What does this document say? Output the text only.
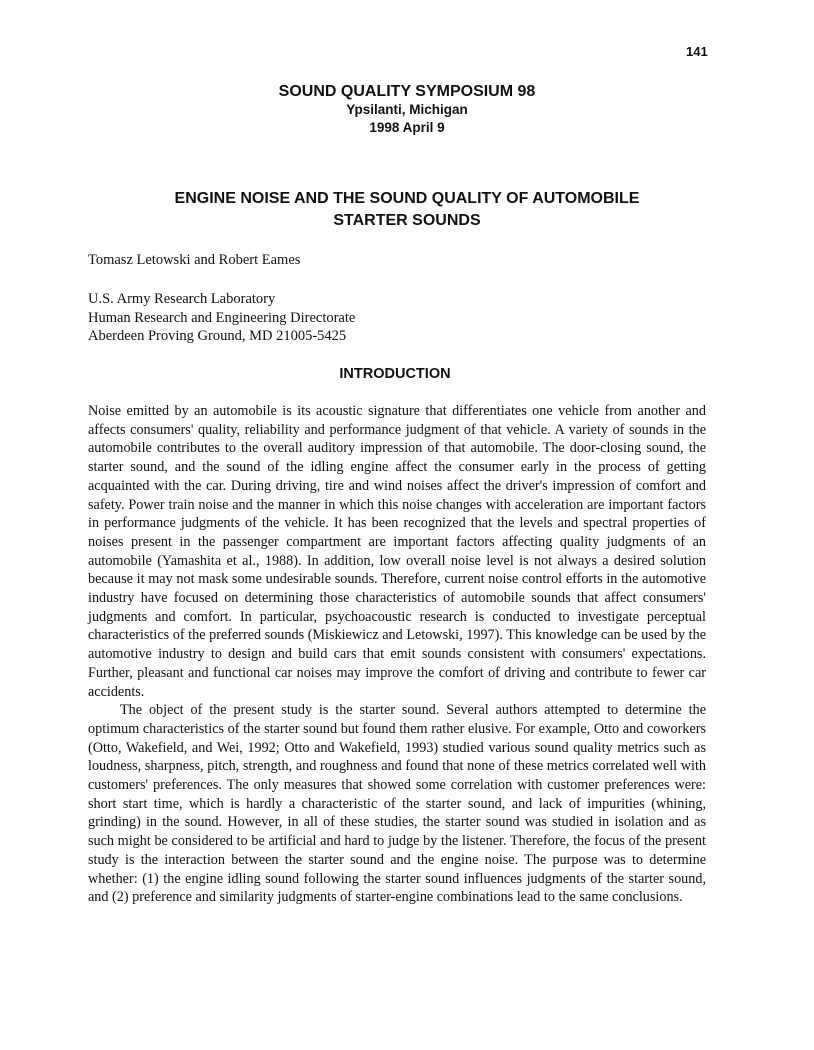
141
SOUND QUALITY SYMPOSIUM 98
Ypsilanti, Michigan
1998 April 9
ENGINE NOISE AND THE SOUND QUALITY OF AUTOMOBILE
STARTER SOUNDS
Tomasz Letowski and Robert Eames
U.S. Army Research Laboratory
Human Research and Engineering Directorate
Aberdeen Proving Ground, MD 21005-5425
INTRODUCTION

Noise emitted by an automobile is its acoustic signature that differentiates one vehicle from another and affects consumers' quality, reliability and performance judgment of that vehicle. A variety of sounds in the automobile contributes to the overall auditory impression of that automobile. The door-closing sound, the starter sound, and the sound of the idling engine affect the consumer early in the process of getting acquainted with the car. During driving, tire and wind noises affect the driver's impression of comfort and safety. Power train noise and the manner in which this noise changes with acceleration are important factors in performance judgments of the vehicle. It has been recognized that the levels and spectral properties of noises present in the passenger compartment are important factors affecting quality judgments of an automobile (Yamashita et al., 1988). In addition, low overall noise level is not always a desired solution because it may not mask some undesirable sounds. Therefore, current noise control efforts in the automotive industry have focused on determining those characteristics of automobile sounds that affect consumers' judgments and comfort. In particular, psychoacoustic research is conducted to investigate perceptual characteristics of the preferred sounds (Miskiewicz and Letowski, 1997). This knowledge can be used by the automotive industry to design and build cars that emit sounds consistent with consumers' expectations. Further, pleasant and functional car noises may improve the comfort of driving and contribute to fewer car accidents.

The object of the present study is the starter sound. Several authors attempted to determine the optimum characteristics of the starter sound but found them rather elusive. For example, Otto and coworkers (Otto, Wakefield, and Wei, 1992; Otto and Wakefield, 1993) studied various sound quality metrics such as loudness, sharpness, pitch, strength, and roughness and found that none of these metrics correlated well with customers' preferences. The only measures that showed some correlation with customer preferences were: short start time, which is hardly a characteristic of the starter sound, and lack of impurities (whining, grinding) in the sound. However, in all of these studies, the starter sound was studied in isolation and as such might be considered to be artificial and hard to judge by the listener. Therefore, the focus of the present study is the interaction between the starter sound and the engine noise. The purpose was to determine whether: (1) the engine idling sound following the starter sound influences judgments of the starter sound, and (2) preference and similarity judgments of starter-engine combinations lead to the same conclusions.
